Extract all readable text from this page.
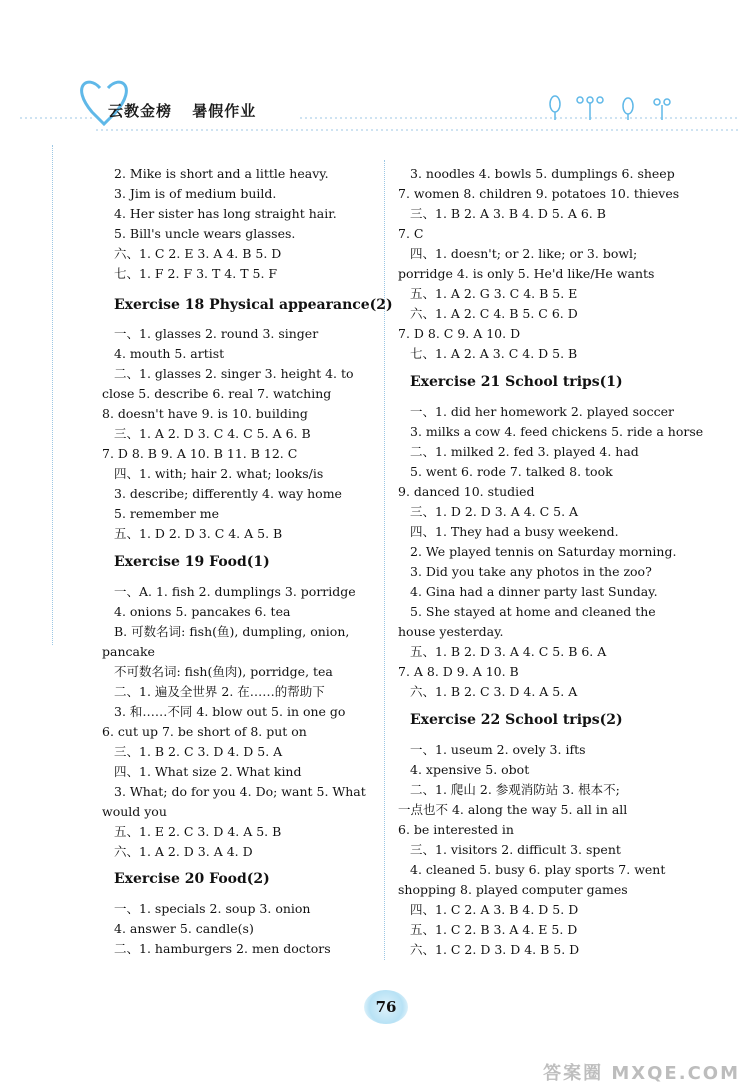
云教金榜 暑假作业
2. Mike is short and a little heavy.
3. Jim is of medium build.
4. Her sister has long straight hair.
5. Bill's uncle wears glasses.
六、1. C 2. E 3. A 4. B 5. D
七、1. F 2. F 3. T 4. T 5. F
Exercise 18 Physical appearance(2)
一、1. glasses 2. round 3. singer
4. mouth 5. artist
二、1. glasses 2. singer 3. height 4. to
close 5. describe 6. real 7. watching
8. doesn't have 9. is 10. building
三、1. A 2. D 3. C 4. C 5. A 6. B
7. D 8. B 9. A 10. B 11. B 12. C
四、1. with; hair 2. what; looks/is
3. describe; differently 4. way home
5. remember me
五、1. D 2. D 3. C 4. A 5. B
Exercise 19 Food(1)
一、A. 1. fish 2. dumplings 3. porridge
4. onions 5. pancakes 6. tea
B. 可数名词: fish(鱼), dumpling, onion,
pancake
不可数名词: fish(鱼肉), porridge, tea
二、1. 遍及全世界 2. 在……的帮助下
3. 和……不同 4. blow out 5. in one go
6. cut up 7. be short of 8. put on
三、1. B 2. C 3. D 4. D 5. A
四、1. What size 2. What kind
3. What; do for you 4. Do; want 5. What
would you
五、1. E 2. C 3. D 4. A 5. B
六、1. A 2. D 3. A 4. D
Exercise 20 Food(2)
一、1. specials 2. soup 3. onion
4. answer 5. candle(s)
二、1. hamburgers 2. men doctors
3. noodles 4. bowls 5. dumplings 6. sheep
7. women 8. children 9. potatoes 10. thieves
三、1. B 2. A 3. B 4. D 5. A 6. B
7. C
四、1. doesn't; or 2. like; or 3. bowl;
porridge 4. is only 5. He'd like/He wants
五、1. A 2. G 3. C 4. B 5. E
六、1. A 2. C 4. B 5. C 6. D
7. D 8. C 9. A 10. D
七、1. A 2. A 3. C 4. D 5. B
Exercise 21 School trips(1)
一、1. did her homework 2. played soccer
3. milks a cow 4. feed chickens 5. ride a horse
二、1. milked 2. fed 3. played 4. had
5. went 6. rode 7. talked 8. took
9. danced 10. studied
三、1. D 2. D 3. A 4. C 5. A
四、1. They had a busy weekend.
2. We played tennis on Saturday morning.
3. Did you take any photos in the zoo?
4. Gina had a dinner party last Sunday.
5. She stayed at home and cleaned the
house yesterday.
五、1. B 2. D 3. A 4. C 5. B 6. A
7. A 8. D 9. A 10. B
六、1. B 2. C 3. D 4. A 5. A
Exercise 22 School trips(2)
一、1. useum 2. ovely 3. ifts
4. xpensive 5. obot
二、1. 爬山 2. 参观消防站 3. 根本不;
一点也不 4. along the way 5. all in all
6. be interested in
三、1. visitors 2. difficult 3. spent
4. cleaned 5. busy 6. play sports 7. went
shopping 8. played computer games
四、1. C 2. A 3. B 4. D 5. D
五、1. C 2. B 3. A 4. E 5. D
六、1. C 2. D 3. D 4. B 5. D
76
答案圈 MXQE.COM
